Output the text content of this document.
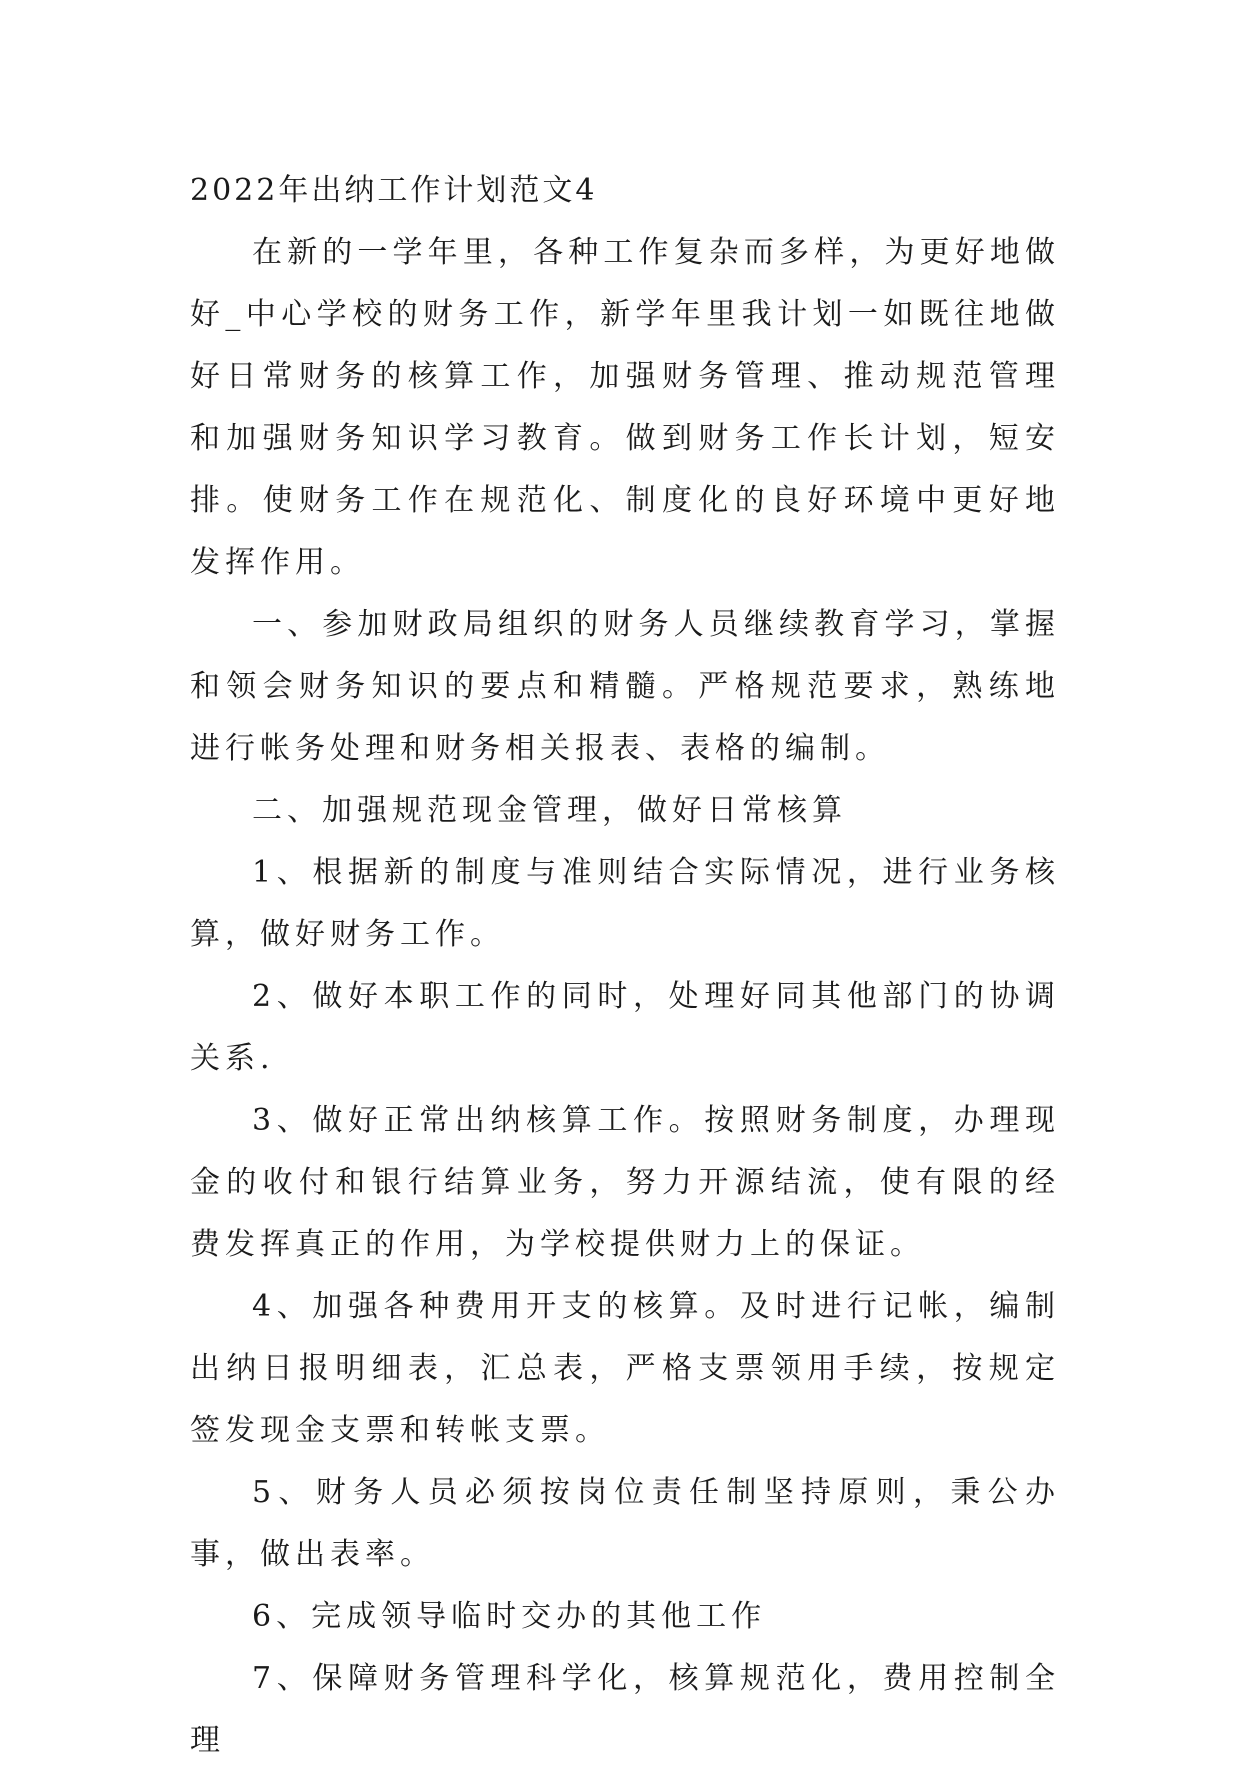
2022年出纳工作计划范文4

在新的一学年里，各种工作复杂而多样，为更好地做好_中心学校的财务工作，新学年里我计划一如既往地做好日常财务的核算工作，加强财务管理、推动规范管理和加强财务知识学习教育。做到财务工作长计划，短安排。使财务工作在规范化、制度化的良好环境中更好地发挥作用。

一、参加财政局组织的财务人员继续教育学习，掌握和领会财务知识的要点和精髓。严格规范要求，熟练地进行帐务处理和财务相关报表、表格的编制。

二、加强规范现金管理，做好日常核算

1、根据新的制度与准则结合实际情况，进行业务核算，做好财务工作。

2、做好本职工作的同时，处理好同其他部门的协调关系.

3、做好正常出纳核算工作。按照财务制度，办理现金的收付和银行结算业务，努力开源结流，使有限的经费发挥真正的作用，为学校提供财力上的保证。

4、加强各种费用开支的核算。及时进行记帐，编制出纳日报明细表，汇总表，严格支票领用手续，按规定签发现金支票和转帐支票。

5、财务人员必须按岗位责任制坚持原则，秉公办事，做出表率。

6、完成领导临时交办的其他工作

7、保障财务管理科学化，核算规范化，费用控制全理
